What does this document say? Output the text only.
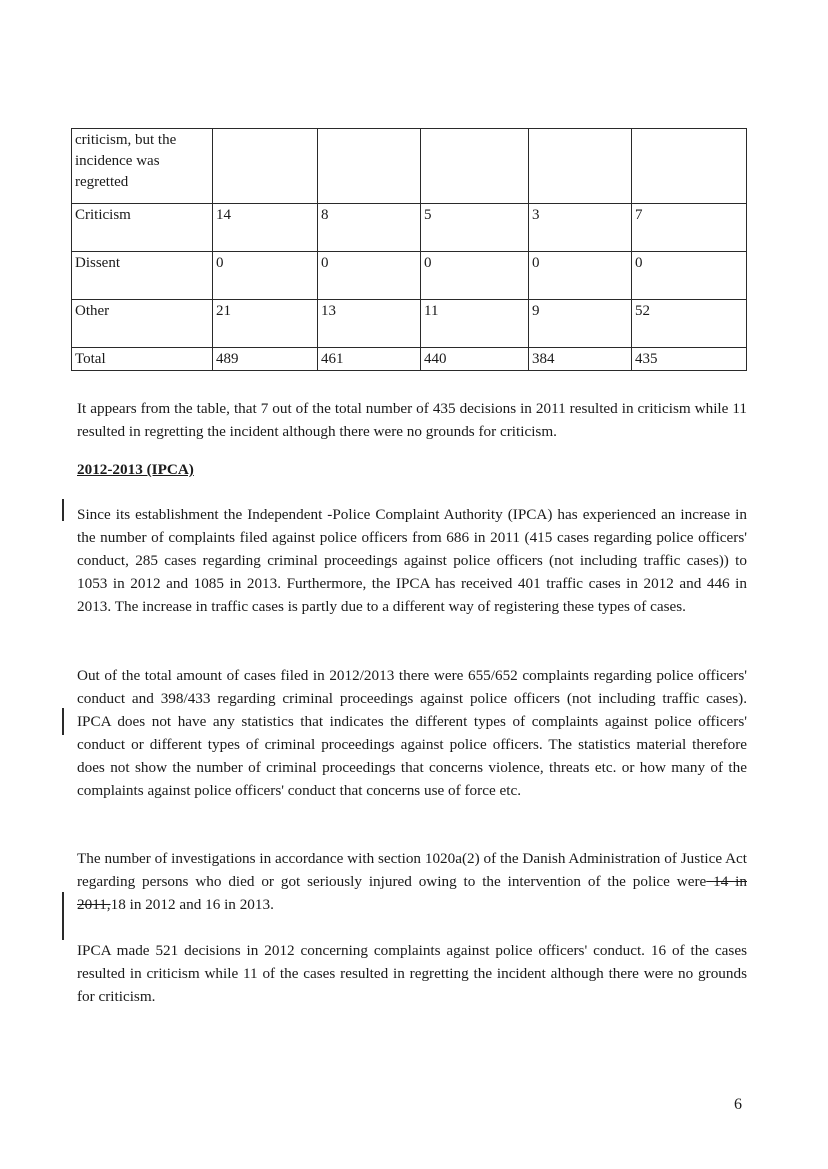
criticism, but the incidence was regretted					
Criticism	14	8	5	3	7
Dissent	0	0	0	0	0
Other	21	13	11	9	52
Total	489	461	440	384	435

It appears from the table, that 7 out of the total number of 435 decisions in 2011 resulted in criticism while 11 resulted in regretting the incident although there were no grounds for criticism.

2012-2013 (IPCA)

Since its establishment the Independent -Police Complaint Authority (IPCA) has experienced an increase in the number of complaints filed against police officers from 686 in 2011 (415 cases regarding police officers' conduct, 285 cases regarding criminal proceedings against police officers (not including traffic cases)) to 1053 in 2012 and 1085 in 2013. Furthermore, the IPCA has received 401 traffic cases in 2012 and 446 in 2013. The increase in traffic cases is partly due to a different way of registering these types of cases.

Out of the total amount of cases filed in 2012/2013 there were 655/652 complaints regarding police officers' conduct and 398/433 regarding criminal proceedings against police officers (not including traffic cases). IPCA does not have any statistics that indicates the different types of complaints against police officers' conduct or different types of criminal proceedings against police officers. The statistics material therefore does not show the number of criminal proceedings that concerns violence, threats etc. or how many of the complaints against police officers' conduct that concerns use of force etc.

The number of investigations in accordance with section 1020a(2) of the Danish Administration of Justice Act regarding persons who died or got seriously injured owing to the intervention of the police were 14 in 2011,18 in 2012 and 16 in 2013.

IPCA made 521 decisions in 2012 concerning complaints against police officers' conduct. 16 of the cases resulted in criticism while 11 of the cases resulted in regretting the incident although there were no grounds for criticism.

6
